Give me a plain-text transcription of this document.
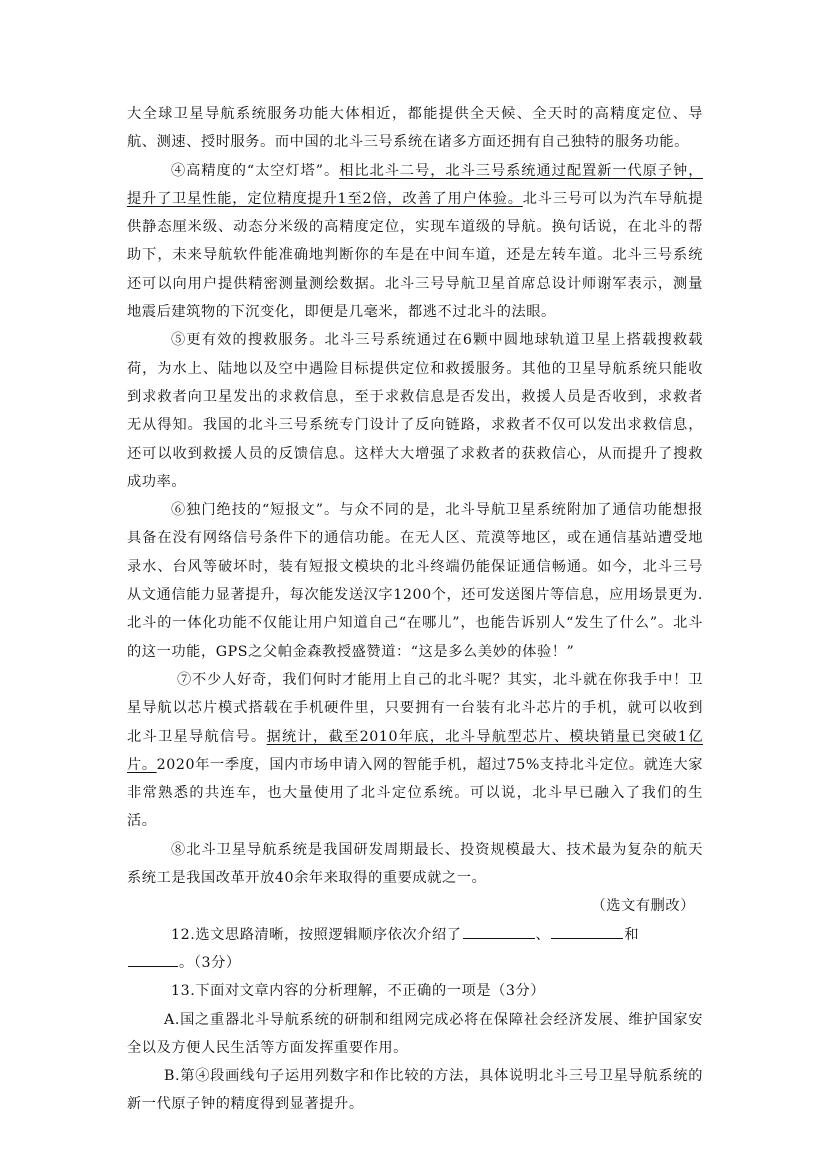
大全球卫星导航系统服务功能大体相近，都能提供全天候、全天时的高精度定位、导航、测速、授时服务。而中国的北斗三号系统在诸多方面还拥有自己独特的服务功能。

④高精度的“太空灯塔”。相比北斗二号，北斗三号系统通过配置新一代原子钟，提升了卫星性能，定位精度提升1至2倍，改善了用户体验。北斗三号可以为汽车导航提供静态厘米级、动态分米级的高精度定位，实现车道级的导航。换句话说，在北斗的帮助下，未来导航软件能准确地判断你的车是在中间车道，还是左转车道。北斗三号系统还可以向用户提供精密测量测绘数据。北斗三号导航卫星首席总设计师谢军表示，测量地震后建筑物的下沉变化，即便是几毫米，都逃不过北斗的法眼。

⑤更有效的搜救服务。北斗三号系统通过在6颗中圆地球轨道卫星上搭载搜救载荷，为水上、陆地以及空中遇险目标提供定位和救援服务。其他的卫星导航系统只能收到求救者向卫星发出的求救信息，至于求救信息是否发出，救援人员是否收到，求救者无从得知。我国的北斗三号系统专门设计了反向链路，求救者不仅可以发出求救信息，还可以收到救援人员的反馈信息。这样大大增强了求救者的获救信心，从而提升了搜救成功率。

⑥独门绝技的“短报文”。与众不同的是，北斗导航卫星系统附加了通信功能想报具备在没有网络信号条件下的通信功能。在无人区、荒漠等地区，或在通信基站遭受地录水、台风等破坏时，装有短报文模块的北斗终端仍能保证通信畅通。如今，北斗三号从文通信能力显著提升，每次能发送汉字1200个，还可发送图片等信息，应用场景更为.北斗的一体化功能不仅能让用户知道自己“在哪儿”，也能告诉别人“发生了什么”。北斗的这一功能，GPS之父帕金森教授盛赞道：“这是多么美妙的体验！”

⑦不少人好奇，我们何时才能用上自己的北斗呢？其实，北斗就在你我手中！卫星导航以芯片模式搭载在手机硬件里，只要拥有一台装有北斗芯片的手机，就可以收到北斗卫星导航信号。据统计，截至2010年底，北斗导航型芯片、模块销量已突破1亿片。2020年一季度，国内市场申请入网的智能手机，超过75%支持北斗定位。就连大家非常熟悉的共连车，也大量使用了北斗定位系统。可以说，北斗早已融入了我们的生活。

⑧北斗卫星导航系统是我国研发周期最长、投资规模最大、技术最为复杂的航天系统工是我国改革开放40余年来取得的重要成就之一。

（选文有删改）

12.选文思路清晰，按照逻辑顺序依次介绍了	、	和

。（3分）

13.下面对文章内容的分析理解，不正确的一项是（3分）

A.国之重器北斗导航系统的研制和组网完成必将在保障社会经济发展、维护国家安全以及方便人民生活等方面发挥重要作用。

B.第④段画线句子运用列数字和作比较的方法，具体说明北斗三号卫星导航系统的新一代原子钟的精度得到显著提升。
